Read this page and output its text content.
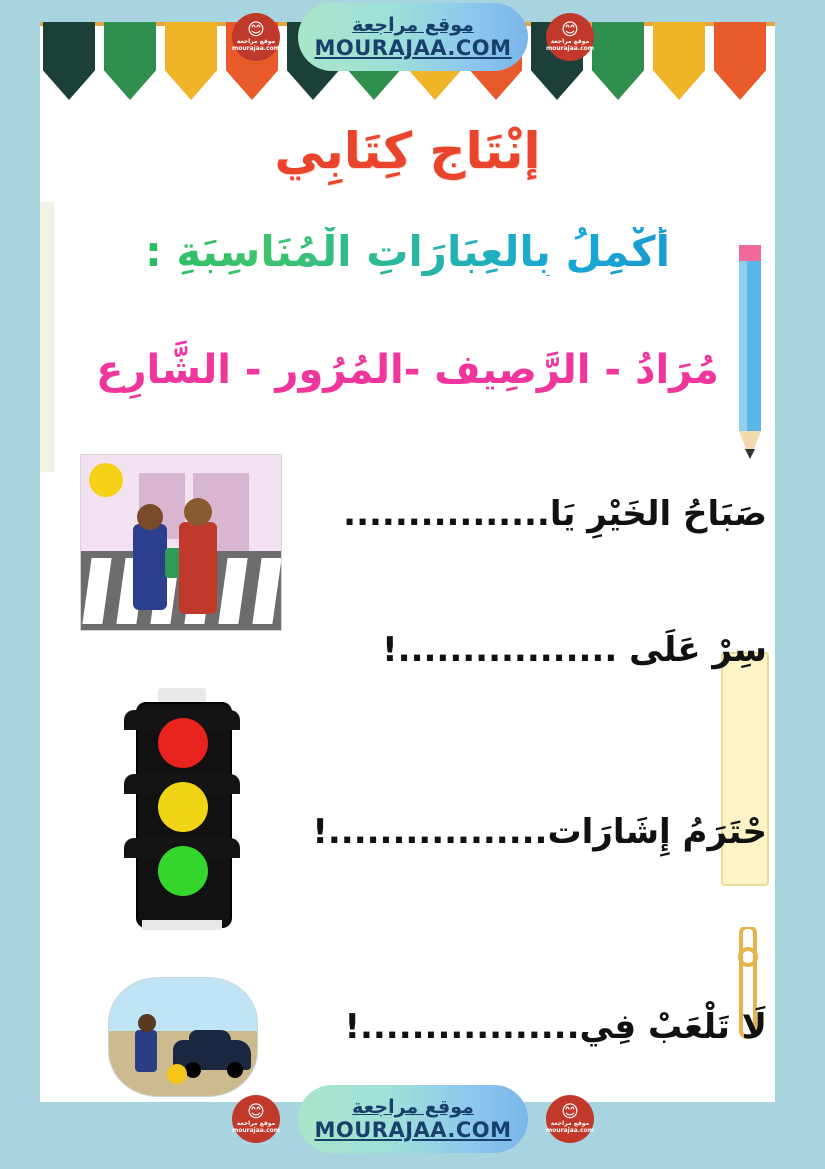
إنْتَاج كِتَابِي
أَكْمِلُ بِالعِبَارَاتِ الْمُنَاسِبَةِ :
مُرَادُ - الرَّصِيف -المُرُور - الشَّارِع
صَبَاحُ الخَيْرِ يَا................
سِرْ عَلَى .................!
حْتَرَمُ إِشَارَات.................!
لَا تَلْعَبْ فِي.................!
😊
موقع مراجعة
mourajaa.com
موقع مراجعة
MOURAJAA.COM
😊
موقع مراجعة
mourajaa.com
😊
موقع مراجعة
mourajaa.com
موقع مراجعة
MOURAJAA.COM
😊
موقع مراجعة
mourajaa.com
